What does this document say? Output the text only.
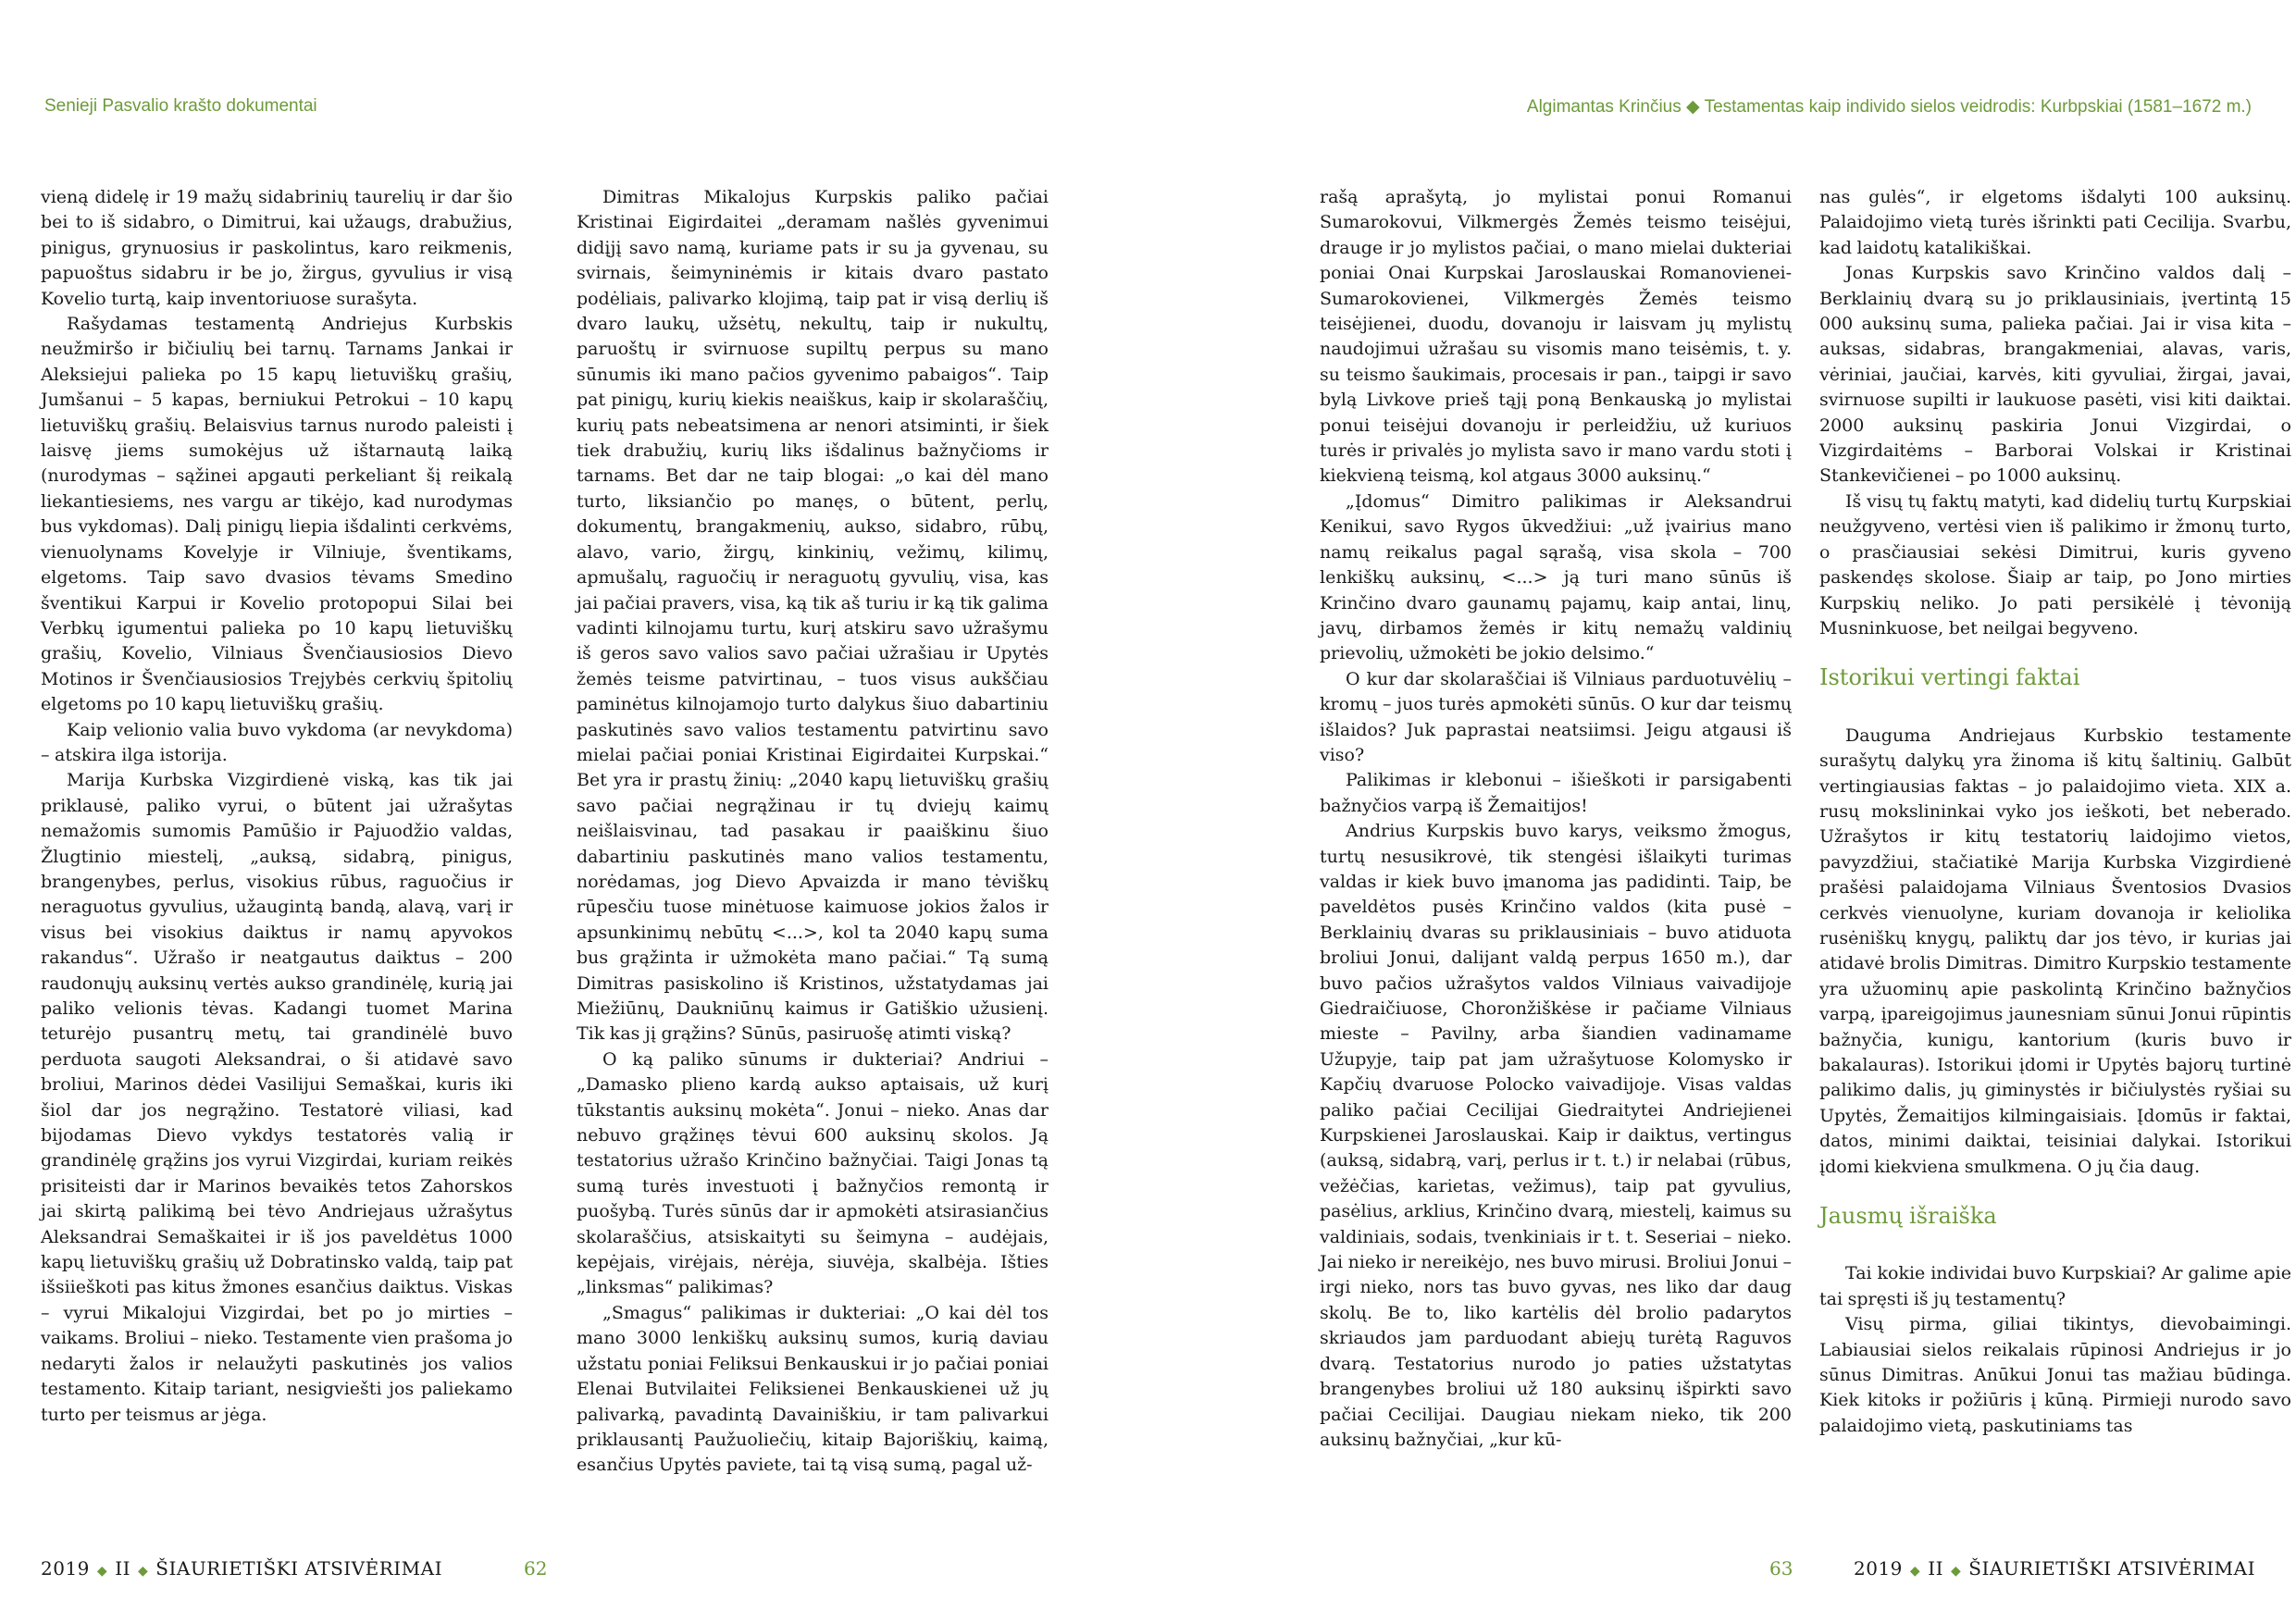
Senieji Pasvalio krašto dokumentai

vieną didelę ir 19 mažų sidabrinių taurelių ir dar šio bei to iš sidabro, o Dimitrui, kai užaugs, drabužius, pinigus, grynuosius ir paskolintus, karo reikmenis, papuoštus sidabru ir be jo, žirgus, gyvulius ir visą Kovelio turtą, kaip inventoriuose surašyta.

Rašydamas testamentą Andriejus Kurbskis neužmiršo ir bičiulių bei tarnų. Tarnams Jankai ir Aleksiejui palieka po 15 kapų lietuviškų grašių, Jumšanui – 5 kapas, berniukui Petrokui – 10 kapų lietuviškų grašių. Belaisvius tarnus nurodo paleisti į laisvę jiems sumokėjus už ištarnautą laiką (nurodymas – sąžinei apgauti perkeliant šį reikalą liekantiesiems, nes vargu ar tikėjo, kad nurodymas bus vykdomas). Dalį pinigų liepia išdalinti cerkvėms, vienuolynams Kovelyje ir Vilniuje, šventikams, elgetoms. Taip savo dvasios tėvams Smedino šventikui Karpui ir Kovelio protopopui Silai bei Verbkų igumentui palieka po 10 kapų lietuviškų grašių, Kovelio, Vilniaus Švenčiausiosios Dievo Motinos ir Švenčiausiosios Trejybės cerkvių špitolių elgetoms po 10 kapų lietuviškų grašių.

Kaip velionio valia buvo vykdoma (ar nevykdoma) – atskira ilga istorija.

Marija Kurbska Vizgirdienė viską, kas tik jai priklausė, paliko vyrui, o būtent jai užrašytas nemažomis sumomis Pamūšio ir Pajuodžio valdas, Žlugtinio miestelį, „auksą, sidabrą, pinigus, brangenybes, perlus, visokius rūbus, raguočius ir neraguotus gyvulius, užaugintą bandą, alavą, varį ir visus bei visokius daiktus ir namų apyvokos rakandus“. Užrašo ir neatgautus daiktus – 200 raudonųjų auksinų vertės aukso grandinėlę, kurią jai paliko velionis tėvas. Kadangi tuomet Marina teturėjo pusantrų metų, tai grandinėlė buvo perduota saugoti Aleksandrai, o ši atidavė savo broliui, Marinos dėdei Vasilijui Semaškai, kuris iki šiol dar jos negrąžino. Testatorė viliasi, kad bijodamas Dievo vykdys testatorės valią ir grandinėlę grąžins jos vyrui Vizgirdai, kuriam reikės prisiteisti dar ir Marinos bevaikės tetos Zahorskos jai skirtą palikimą bei tėvo Andriejaus užrašytus Aleksandrai Semaškaitei ir iš jos paveldėtus 1000 kapų lietuviškų grašių už Dobratinsko valdą, taip pat išsiieškoti pas kitus žmones esančius daiktus. Viskas – vyrui Mikalojui Vizgirdai, bet po jo mirties – vaikams. Broliui – nieko. Testamente vien prašoma jo nedaryti žalos ir nelaužyti paskutinės jos valios testamento. Kitaip tariant, nesigviešti jos paliekamo turto per teismus ar jėga.

Dimitras Mikalojus Kurpskis paliko pačiai Kristinai Eigirdaitei „deramam našlės gyvenimui didįjį savo namą, kuriame pats ir su ja gyvenau, su svirnais, šeimyninėmis ir kitais dvaro pastato podėliais, palivarko klojimą, taip pat ir visą derlių iš dvaro laukų, užsėtų, nekultų, taip ir nukultų, paruoštų ir svirnuose supiltų perpus su mano sūnumis iki mano pačios gyvenimo pabaigos“. Taip pat pinigų, kurių kiekis neaiškus, kaip ir skolaraščių, kurių pats nebeatsimena ar nenori atsiminti, ir šiek tiek drabužių, kurių liks išdalinus bažnyčioms ir tarnams. Bet dar ne taip blogai: „o kai dėl mano turto, liksiančio po manęs, o būtent, perlų, dokumentų, brangakmenių, aukso, sidabro, rūbų, alavo, vario, žirgų, kinkinių, vežimų, kilimų, apmušalų, raguočių ir neraguotų gyvulių, visa, kas jai pačiai pravers, visa, ką tik aš turiu ir ką tik galima vadinti kilnojamu turtu, kurį atskiru savo užrašymu iš geros savo valios savo pačiai užrašiau ir Upytės žemės teisme patvirtinau, – tuos visus aukščiau paminėtus kilnojamojo turto dalykus šiuo dabartiniu paskutinės savo valios testamentu patvirtinu savo mielai pačiai poniai Kristinai Eigirdaitei Kurpskai.“ Bet yra ir prastų žinių: „2040 kapų lietuviškų grašių savo pačiai negrąžinau ir tų dviejų kaimų neišlaisvinau, tad pasakau ir paaiškinu šiuo dabartiniu paskutinės mano valios testamentu, norėdamas, jog Dievo Apvaizda ir mano tėviškų rūpesčiu tuose minėtuose kaimuose jokios žalos ir apsunkinimų nebūtų <...>, kol ta 2040 kapų suma bus grąžinta ir užmokėta mano pačiai.“ Tą sumą Dimitras pasiskolino iš Kristinos, užstatydamas jai Miežiūnų, Daukniūnų kaimus ir Gatiškio užusienį. Tik kas jį grąžins? Sūnūs, pasiruošę atimti viską?

O ką paliko sūnums ir dukteriai? Andriui – „Damasko plieno kardą aukso aptaisais, už kurį tūkstantis auksinų mokėta“. Jonui – nieko. Anas dar nebuvo grąžinęs tėvui 600 auksinų skolos. Ją testatorius užrašo Krinčino bažnyčiai. Taigi Jonas tą sumą turės investuoti į bažnyčios remontą ir puošybą. Turės sūnūs dar ir apmokėti atsirasiančius skolaraščius, atsiskaityti su šeimyna – audėjais, kepėjais, virėjais, nėrėja, siuvėja, skalbėja. Išties „linksmas“ palikimas?

„Smagus“ palikimas ir dukteriai: „O kai dėl tos mano 3000 lenkiškų auksinų sumos, kurią daviau užstatu poniai Feliksui Benkauskui ir jo pačiai poniai Elenai Butvilaitei Feliksienei Benkauskienei už jų palivarką, pavadintą Davainiškiu, ir tam palivarkui priklausantį Paužuoliečių, kitaip Bajoriškių, kaimą, esančius Upytės paviete, tai tą visą sumą, pagal už-

2019 ◆ II ◆ ŠIAURIETIŠKI ATSIVĖRIMAI	62
Algimantas Krinčius ◆ Testamentas kaip individo sielos veidrodis: Kurbpskiai (1581–1672 m.)

rašą aprašytą, jo mylistai ponui Romanui Sumarokovui, Vilkmergės Žemės teismo teisėjui, drauge ir jo mylistos pačiai, o mano mielai dukteriai poniai Onai Kurpskai Jaroslauskai Romanovienei-Sumarokovienei, Vilkmergės Žemės teismo teisėjienei, duodu, dovanoju ir laisvam jų mylistų naudojimui užrašau su visomis mano teisėmis, t. y. su teismo šaukimais, procesais ir pan., taipgi ir savo bylą Livkove prieš tąjį poną Benkauską jo mylistai ponui teisėjui dovanoju ir perleidžiu, už kuriuos turės ir privalės jo mylista savo ir mano vardu stoti į kiekvieną teismą, kol atgaus 3000 auksinų.“

„Įdomus“ Dimitro palikimas ir Aleksandrui Kenikui, savo Rygos ūkvedžiui: „už įvairius mano namų reikalus pagal sąrašą, visa skola – 700 lenkiškų auksinų, <...> ją turi mano sūnūs iš Krinčino dvaro gaunamų pajamų, kaip antai, linų, javų, dirbamos žemės ir kitų nemažų valdinių prievolių, užmokėti be jokio delsimo.“

O kur dar skolaraščiai iš Vilniaus parduotuvėlių – kromų – juos turės apmokėti sūnūs. O kur dar teismų išlaidos? Juk paprastai neatsiimsi. Jeigu atgausi iš viso?

Palikimas ir klebonui – išieškoti ir parsigabenti bažnyčios varpą iš Žemaitijos!

Andrius Kurpskis buvo karys, veiksmo žmogus, turtų nesusikrovė, tik stengėsi išlaikyti turimas valdas ir kiek buvo įmanoma jas padidinti. Taip, be paveldėtos pusės Krinčino valdos (kita pusė – Berklainių dvaras su priklausiniais – buvo atiduota broliui Jonui, dalijant valdą perpus 1650 m.), dar buvo pačios užrašytos valdos Vilniaus vaivadijoje Giedraičiuose, Choronžiškėse ir pačiame Vilniaus mieste – Pavilny, arba šiandien vadinamame Užupyje, taip pat jam užrašytuose Kolomysko ir Kapčių dvaruose Polocko vaivadijoje. Visas valdas paliko pačiai Cecilijai Giedraitytei Andriejienei Kurpskienei Jaroslauskai. Kaip ir daiktus, vertingus (auksą, sidabrą, varį, perlus ir t. t.) ir nelabai (rūbus, vežėčias, karietas, vežimus), taip pat gyvulius, pasėlius, arklius, Krinčino dvarą, miestelį, kaimus su valdiniais, sodais, tvenkiniais ir t. t. Seseriai – nieko. Jai nieko ir nereikėjo, nes buvo mirusi. Broliui Jonui – irgi nieko, nors tas buvo gyvas, nes liko dar daug skolų. Be to, liko kartėlis dėl brolio padarytos skriaudos jam parduodant abiejų turėtą Raguvos dvarą. Testatorius nurodo jo paties užstatytas brangenybes broliui už 180 auksinų išpirkti savo pačiai Cecilijai. Daugiau niekam nieko, tik 200 auksinų bažnyčiai, „kur kū-

nas gulės“, ir elgetoms išdalyti 100 auksinų. Palaidojimo vietą turės išrinkti pati Cecilija. Svarbu, kad laidotų katalikiškai.

Jonas Kurpskis savo Krinčino valdos dalį – Berklainių dvarą su jo priklausiniais, įvertintą 15 000 auksinų suma, palieka pačiai. Jai ir visa kita – auksas, sidabras, brangakmeniai, alavas, varis, vėriniai, jaučiai, karvės, kiti gyvuliai, žirgai, javai, svirnuose supilti ir laukuose pasėti, visi kiti daiktai. 2000 auksinų paskiria Jonui Vizgirdai, o Vizgirdaitėms – Barborai Volskai ir Kristinai Stankevičienei – po 1000 auksinų.

Iš visų tų faktų matyti, kad didelių turtų Kurpskiai neužgyveno, vertėsi vien iš palikimo ir žmonų turto, o prasčiausiai sekėsi Dimitrui, kuris gyveno paskendęs skolose. Šiaip ar taip, po Jono mirties Kurpskių neliko. Jo pati persikėlė į tėvoniją Musninkuose, bet neilgai begyveno.

Istorikui vertingi faktai

Dauguma Andriejaus Kurbskio testamente surašytų dalykų yra žinoma iš kitų šaltinių. Galbūt vertingiausias faktas – jo palaidojimo vieta. XIX a. rusų mokslininkai vyko jos ieškoti, bet neberado. Užrašytos ir kitų testatorių laidojimo vietos, pavyzdžiui, stačiatikė Marija Kurbska Vizgirdienė prašėsi palaidojama Vilniaus Šventosios Dvasios cerkvės vienuolyne, kuriam dovanoja ir keliolika rusėniškų knygų, paliktų dar jos tėvo, ir kurias jai atidavė brolis Dimitras. Dimitro Kurpskio testamente yra užuominų apie paskolintą Krinčino bažnyčios varpą, įpareigojimus jaunesniam sūnui Jonui rūpintis bažnyčia, kunigu, kantorium (kuris buvo ir bakalauras). Istorikui įdomi ir Upytės bajorų turtinė palikimo dalis, jų giminystės ir bičiulystės ryšiai su Upytės, Žemaitijos kilmingaisiais. Įdomūs ir faktai, datos, minimi daiktai, teisiniai dalykai. Istorikui įdomi kiekviena smulkmena. O jų čia daug.

Jausmų išraiška

Tai kokie individai buvo Kurpskiai? Ar galime apie tai spręsti iš jų testamentų?

Visų pirma, giliai tikintys, dievobaimingi. Labiausiai sielos reikalais rūpinosi Andriejus ir jo sūnus Dimitras. Anūkui Jonui tas mažiau būdinga. Kiek kitoks ir požiūris į kūną. Pirmieji nurodo savo palaidojimo vietą, paskutiniams tas

63	2019 ◆ II ◆ ŠIAURIETIŠKI ATSIVĖRIMAI
